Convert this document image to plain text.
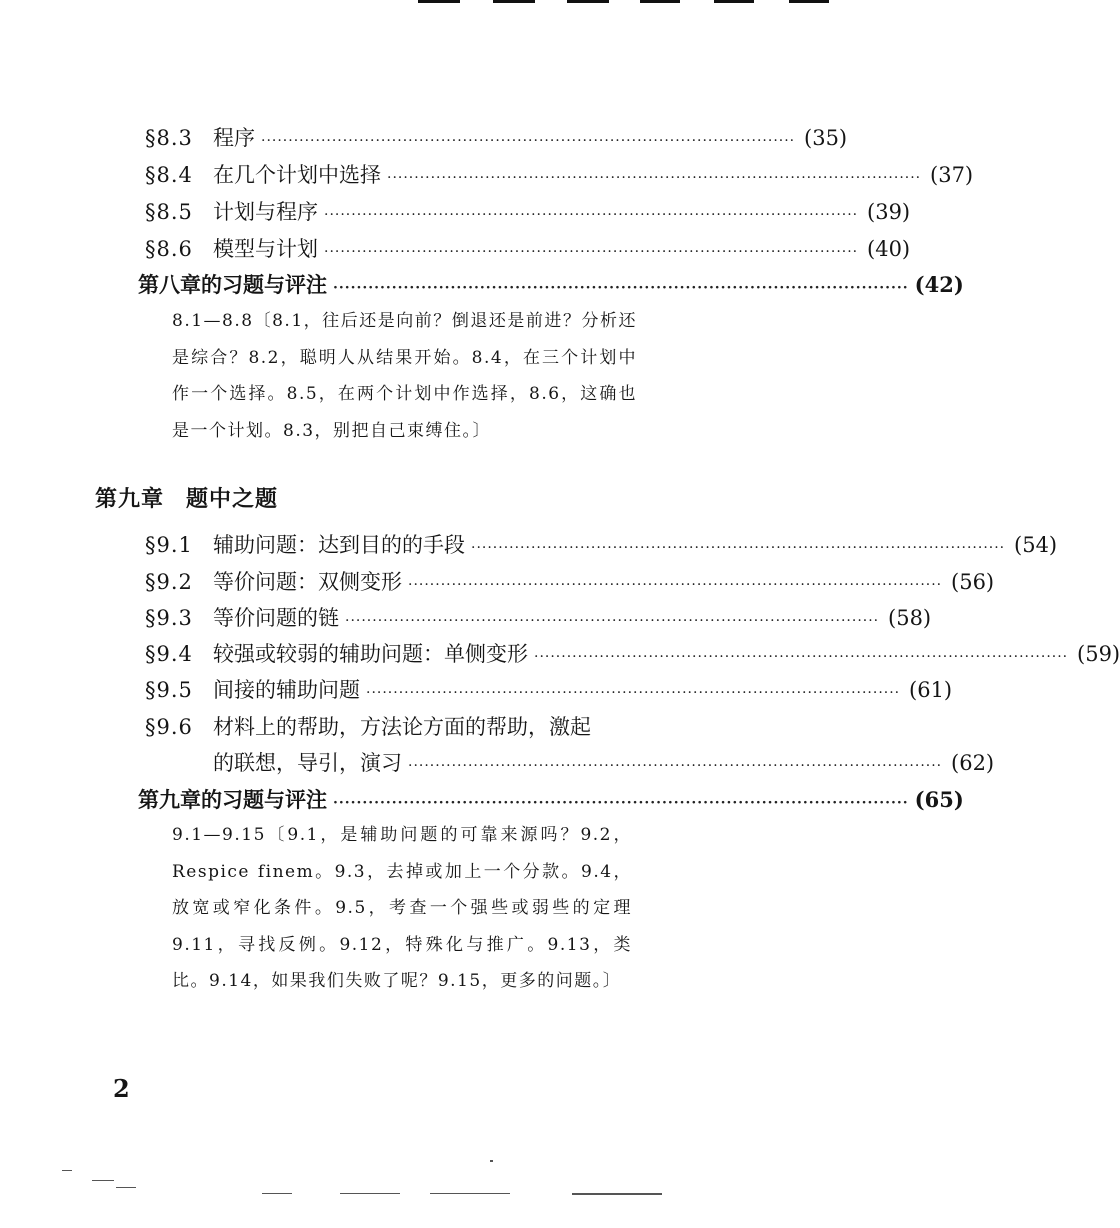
§8.3 程序 ·································································································· (35)
§8.4 在几个计划中选择 ·································································································· (37)
§8.5 计划与程序 ·································································································· (39)
§8.6 模型与计划 ·································································································· (40)
第八章的习题与评注 ·································································································· (42)
8.1—8.8〔8.1，往后还是向前？倒退还是前进？分析还是综合？8.2，聪明人从结果开始。8.4，在三个计划中作一个选择。8.5，在两个计划中作选择，8.6，这确也是一个计划。8.3，别把自己束缚住。〕
第九章 题中之题
§9.1 辅助问题：达到目的的手段 ·································································································· (54)
§9.2 等价问题：双侧变形 ·································································································· (56)
§9.3 等价问题的链 ·································································································· (58)
§9.4 较强或较弱的辅助问题：单侧变形 ·································································································· (59)
§9.5 间接的辅助问题 ·································································································· (61)
§9.6 材料上的帮助，方法论方面的帮助，激起
的联想，导引，演习 ·································································································· (62)
第九章的习题与评注 ·································································································· (65)
9.1—9.15〔9.1，是辅助问题的可靠来源吗？9.2，Respice finem。9.3，去掉或加上一个分款。9.4，放宽或窄化条件。9.5，考查一个强些或弱些的定理 9.11，寻找反例。9.12，特殊化与推广。9.13，类比。9.14，如果我们失败了呢？9.15，更多的问题。〕
2
